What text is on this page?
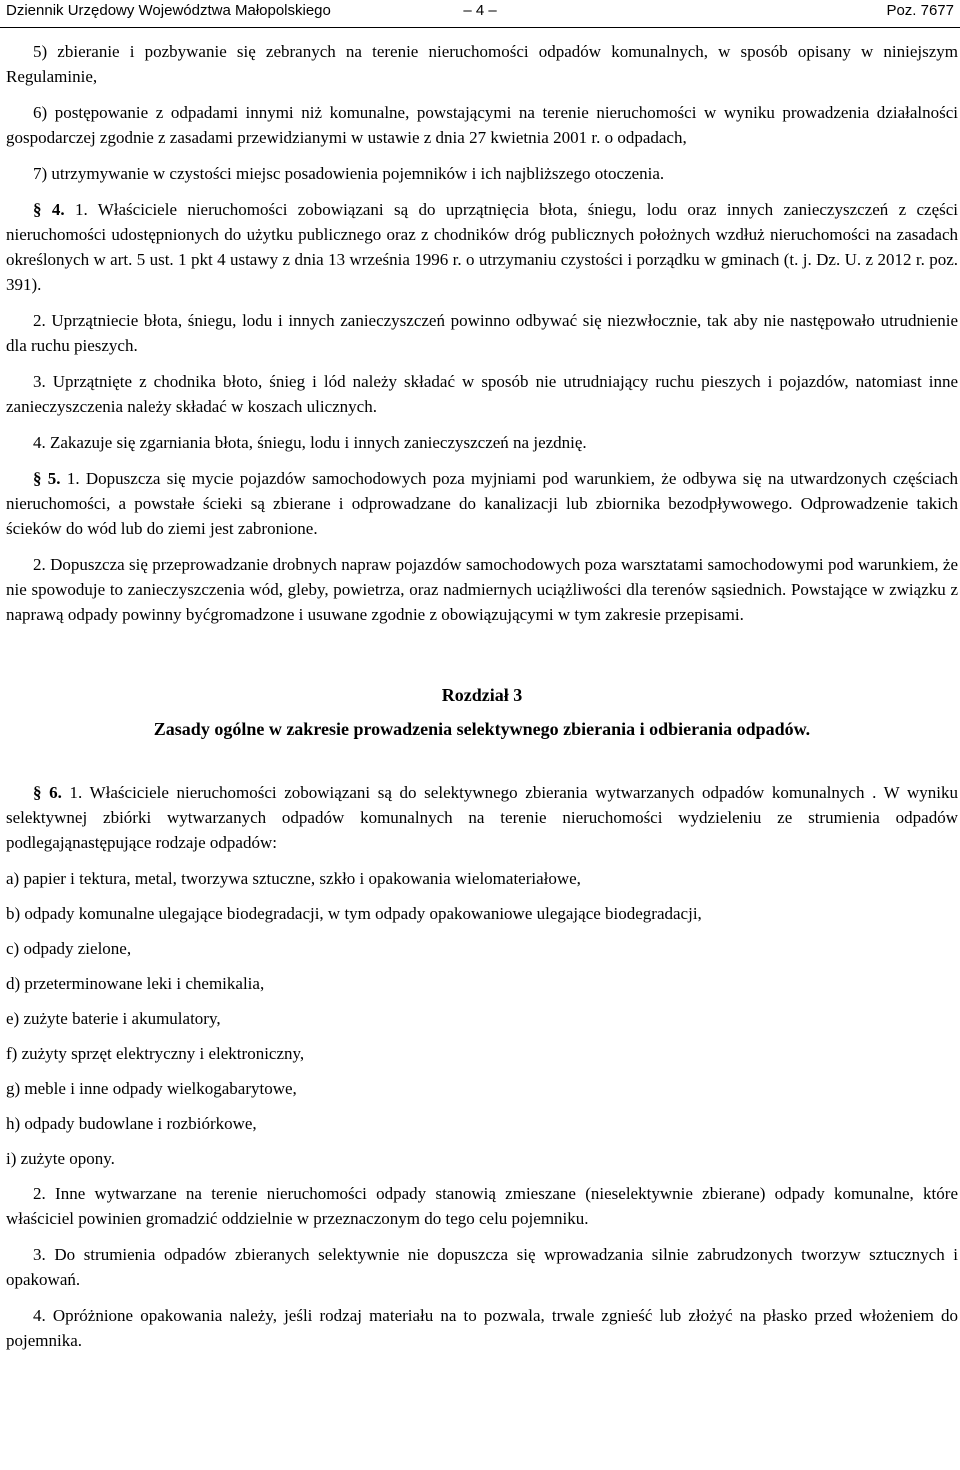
Dziennik Urzędowy Województwa Małopolskiego	– 4 –	Poz. 7677

5) zbieranie i pozbywanie się zebranych na terenie nieruchomości odpadów komunalnych, w sposób opisany w niniejszym Regulaminie,

6) postępowanie z odpadami innymi niż komunalne, powstającymi na terenie nieruchomości w wyniku prowadzenia działalności gospodarczej zgodnie z zasadami przewidzianymi w ustawie z dnia 27 kwietnia 2001 r. o odpadach,

7) utrzymywanie w czystości miejsc posadowienia pojemników i ich najbliższego otoczenia.

§ 4. 1. Właściciele nieruchomości zobowiązani są do uprzątnięcia błota, śniegu, lodu oraz innych zanieczyszczeń z części nieruchomości udostępnionych do użytku publicznego oraz z chodników dróg publicznych położnych wzdłuż nieruchomości na zasadach określonych w art. 5 ust. 1 pkt 4 ustawy z dnia 13 września 1996 r. o utrzymaniu czystości i porządku w gminach (t. j. Dz. U. z 2012 r. poz. 391).

2. Uprzątniecie błota, śniegu, lodu i innych zanieczyszczeń powinno odbywać się niezwłocznie, tak aby nie następowało utrudnienie dla ruchu pieszych.

3. Uprzątnięte z chodnika błoto, śnieg i lód należy składać w sposób nie utrudniający ruchu pieszych i pojazdów, natomiast inne zanieczyszczenia należy składać w koszach ulicznych.

4. Zakazuje się zgarniania błota, śniegu, lodu i innych zanieczyszczeń na jezdnię.

§ 5. 1. Dopuszcza się mycie pojazdów samochodowych poza myjniami pod warunkiem, że odbywa się na utwardzonych częściach nieruchomości, a powstałe ścieki są zbierane i odprowadzane do kanalizacji lub zbiornika bezodpływowego. Odprowadzenie takich ścieków do wód lub do ziemi jest zabronione.

2. Dopuszcza się przeprowadzanie drobnych napraw pojazdów samochodowych poza warsztatami samochodowymi pod warunkiem, że nie spowoduje to zanieczyszczenia wód, gleby, powietrza, oraz nadmiernych uciążliwości dla terenów sąsiednich. Powstające w związku z naprawą odpady powinny byćgromadzone i usuwane zgodnie z obowiązującymi w tym zakresie przepisami.

Rozdział 3

Zasady ogólne w zakresie prowadzenia selektywnego zbierania i odbierania odpadów.

§ 6. 1. Właściciele nieruchomości zobowiązani są do selektywnego zbierania wytwarzanych odpadów komunalnych . W wyniku selektywnej zbiórki wytwarzanych odpadów komunalnych na terenie nieruchomości wydzieleniu ze strumienia odpadów podlegająnastępujące rodzaje odpadów:

a) papier i tektura, metal, tworzywa sztuczne, szkło i opakowania wielomateriałowe,

b) odpady komunalne ulegające biodegradacji, w tym odpady opakowaniowe ulegające biodegradacji,

c) odpady zielone,

d) przeterminowane leki i chemikalia,

e) zużyte baterie i akumulatory,

f) zużyty sprzęt elektryczny i elektroniczny,

g) meble i inne odpady wielkogabarytowe,

h) odpady budowlane i rozbiórkowe,

i) zużyte opony.

2. Inne wytwarzane na terenie nieruchomości odpady stanowią zmieszane (nieselektywnie zbierane) odpady komunalne, które właściciel powinien gromadzić oddzielnie w przeznaczonym do tego celu pojemniku.

3. Do strumienia odpadów zbieranych selektywnie nie dopuszcza się wprowadzania silnie zabrudzonych tworzyw sztucznych i opakowań.

4. Opróżnione opakowania należy, jeśli rodzaj materiału na to pozwala, trwale zgnieść lub złożyć na płasko przed włożeniem do pojemnika.
